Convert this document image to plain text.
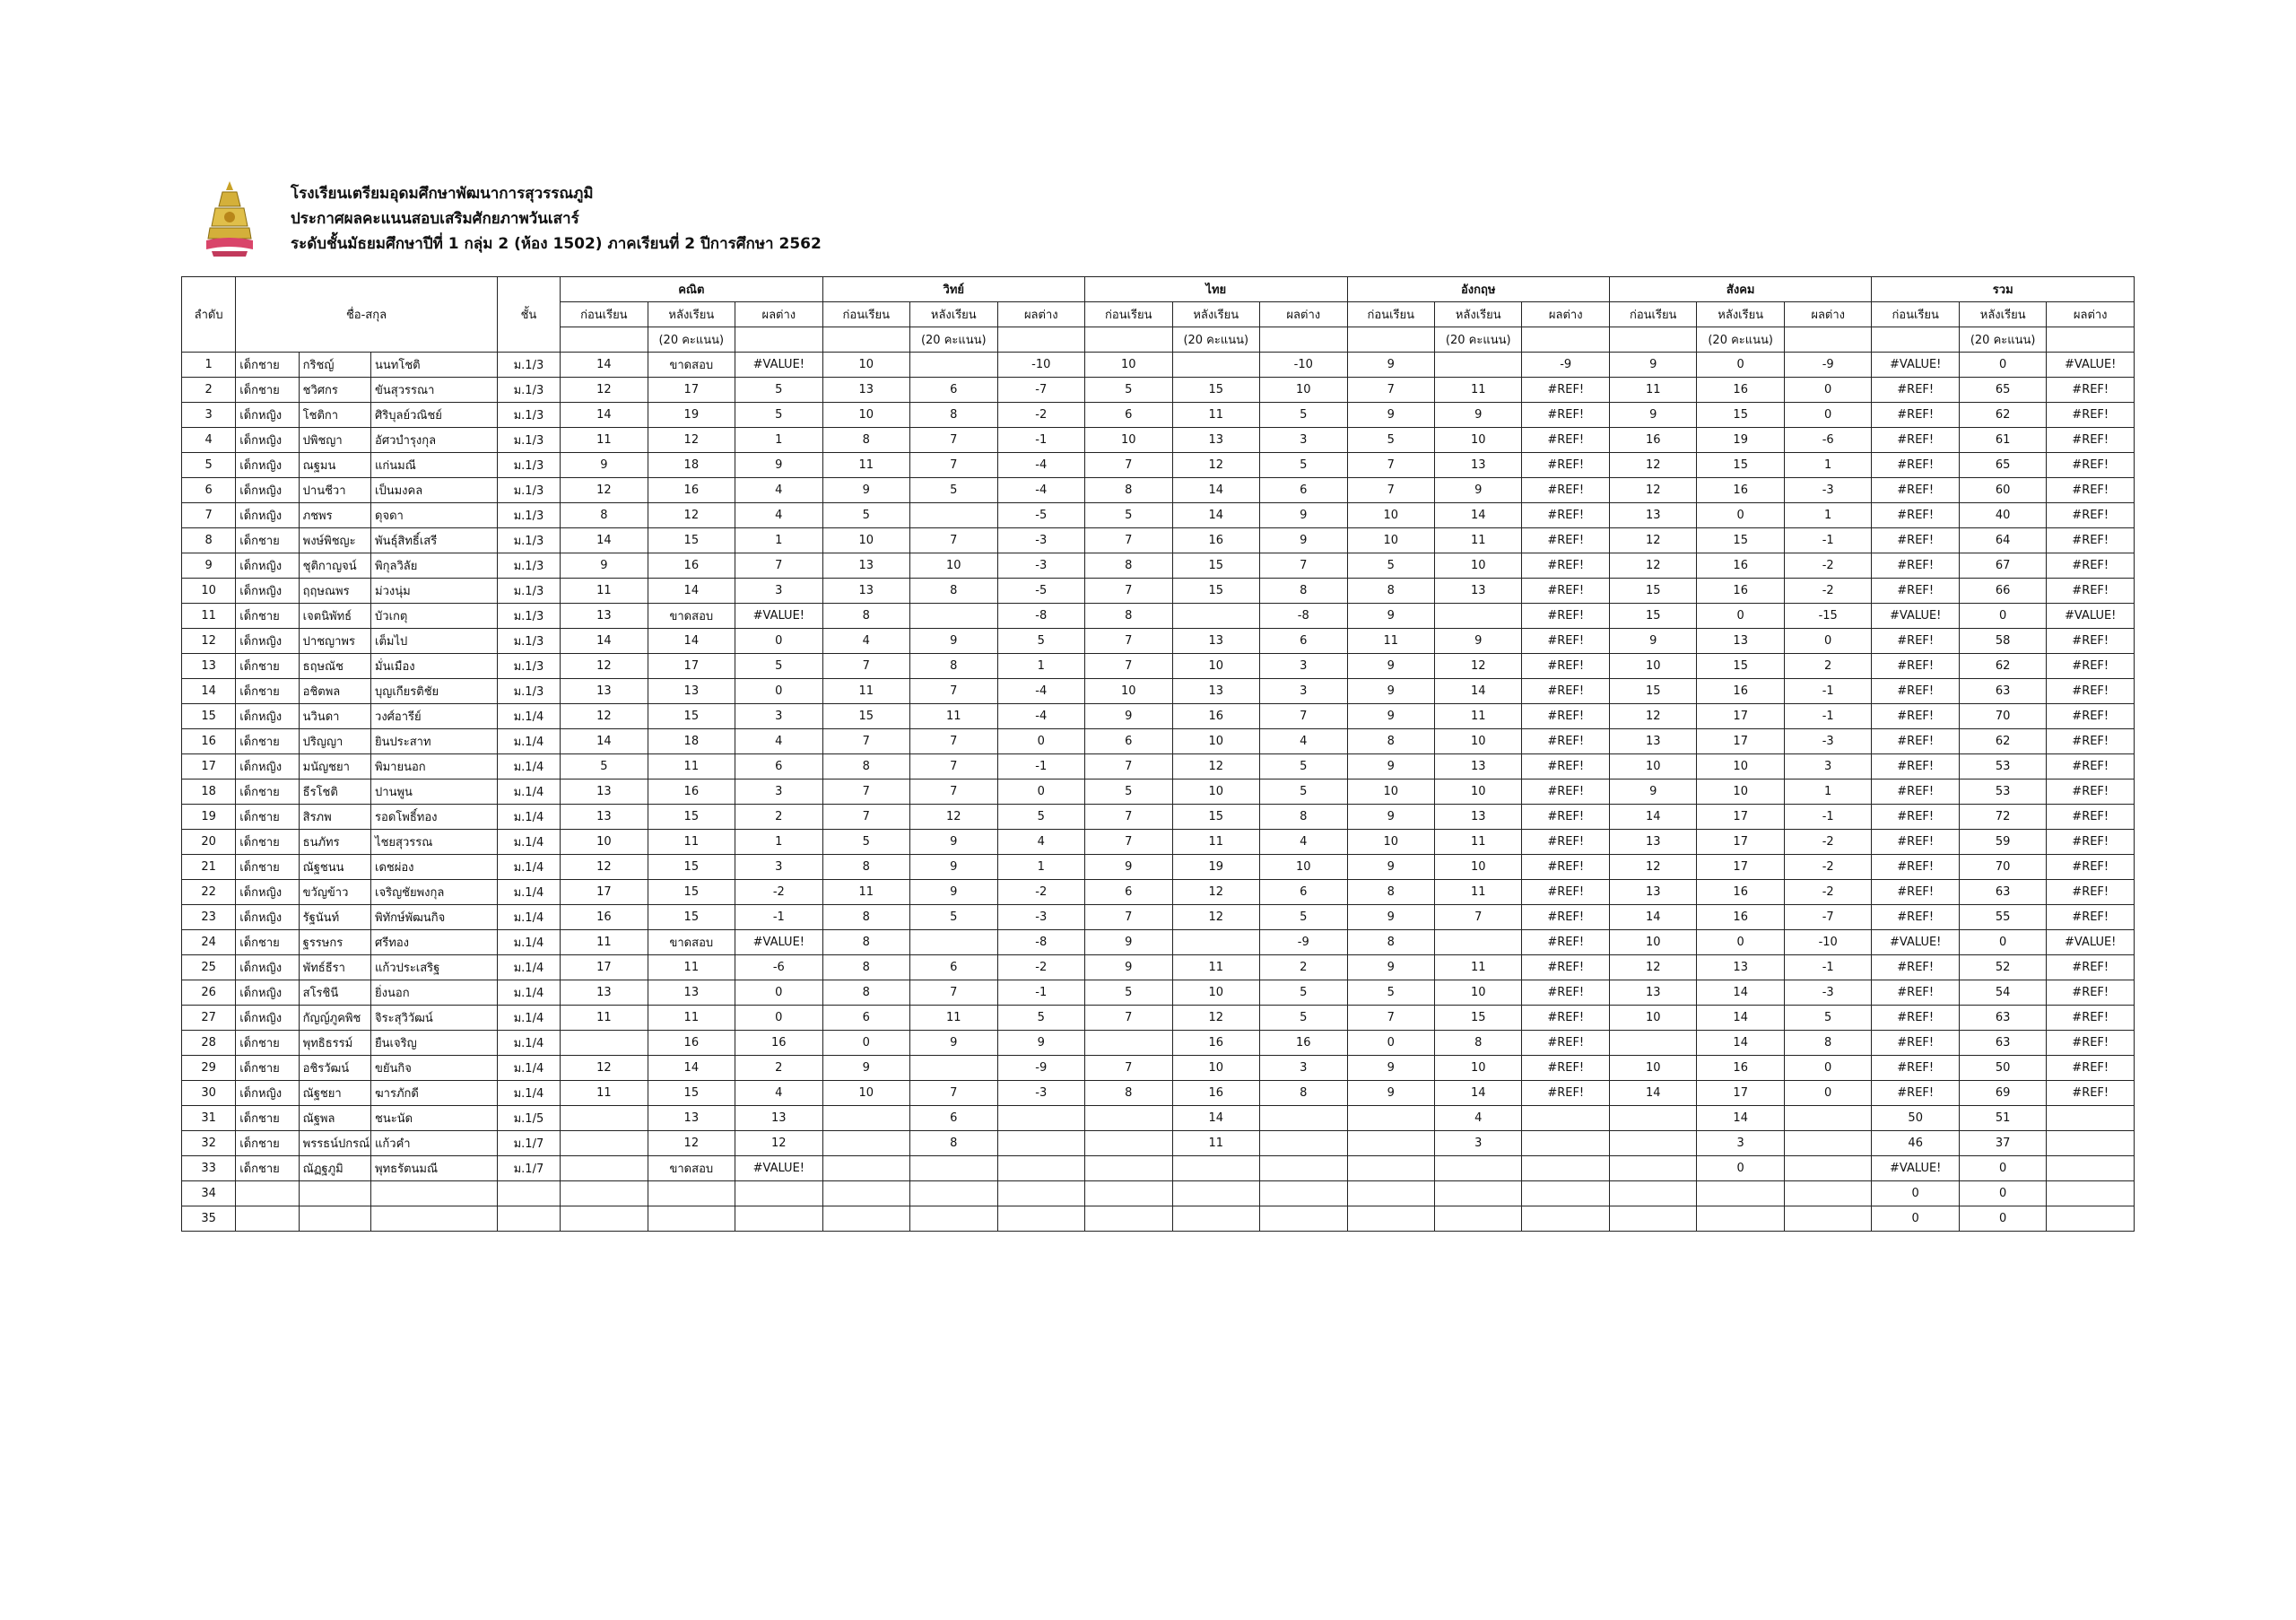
โรงเรียนเตรียมอุดมศึกษาพัฒนาการสุวรรณภูมิ
ประกาศผลคะแนนสอบเสริมศักยภาพวันเสาร์
ระดับชั้นมัธยมศึกษาปีที่ 1 กลุ่ม 2 (ห้อง 1502) ภาคเรียนที่ 2 ปีการศึกษา 2562
ลำดับ	ชื่อ-สกุล			ชั้น	คณิต			วิทย์			ไทย			อังกฤษ			สังคม			รวม		
					ก่อนเรียน	หลังเรียน	ผลต่าง	ก่อนเรียน	หลังเรียน	ผลต่าง	ก่อนเรียน	หลังเรียน	ผลต่าง	ก่อนเรียน	หลังเรียน	ผลต่าง	ก่อนเรียน	หลังเรียน	ผลต่าง	ก่อนเรียน	หลังเรียน	ผลต่าง
						(20 คะแนน)			(20 คะแนน)			(20 คะแนน)			(20 คะแนน)			(20 คะแนน)			(20 คะแนน)	
1	เด็กชาย	กริชญ์	นนทโชติ	ม.1/3	14	ขาดสอบ	#VALUE!	10		-10	10		-10	9		-9	9	0	-9	#VALUE!	0	#VALUE!
2	เด็กชาย	ชวิศกร	ขันสุวรรณา	ม.1/3	12	17	5	13	6	-7	5	15	10	7	11	#REF!	11	16	0	#REF!	65	#REF!
3	เด็กหญิง	โชติกา	ศิริบุลย์วณิชย์	ม.1/3	14	19	5	10	8	-2	6	11	5	9	9	#REF!	9	15	0	#REF!	62	#REF!
4	เด็กหญิง	ปพิชญา	อัศวบำรุงกุล	ม.1/3	11	12	1	8	7	-1	10	13	3	5	10	#REF!	16	19	-6	#REF!	61	#REF!
5	เด็กหญิง	ณฐมน	แก่นมณี	ม.1/3	9	18	9	11	7	-4	7	12	5	7	13	#REF!	12	15	1	#REF!	65	#REF!
6	เด็กหญิง	ปานชีวา	เป็นมงคล	ม.1/3	12	16	4	9	5	-4	8	14	6	7	9	#REF!	12	16	-3	#REF!	60	#REF!
7	เด็กหญิง	ภชพร	ดุจดา	ม.1/3	8	12	4	5		-5	5	14	9	10	14	#REF!	13	0	1	#REF!	40	#REF!
8	เด็กชาย	พงษ์พิชญะ	พันธุ์สิทธิ์เสรี	ม.1/3	14	15	1	10	7	-3	7	16	9	10	11	#REF!	12	15	-1	#REF!	64	#REF!
9	เด็กหญิง	ชุติกาญจน์	พิกุลวิลัย	ม.1/3	9	16	7	13	10	-3	8	15	7	5	10	#REF!	12	16	-2	#REF!	67	#REF!
10	เด็กหญิง	ฤฤษณพร	ม่วงนุ่ม	ม.1/3	11	14	3	13	8	-5	7	15	8	8	13	#REF!	15	16	-2	#REF!	66	#REF!
11	เด็กชาย	เจตนิพัทธ์	บัวเกตุ	ม.1/3	13	ขาดสอบ	#VALUE!	8		-8	8		-8	9		#REF!	15	0	-15	#VALUE!	0	#VALUE!
12	เด็กหญิง	ปาชญาพร	เต็มไป	ม.1/3	14	14	0	4	9	5	7	13	6	11	9	#REF!	9	13	0	#REF!	58	#REF!
13	เด็กชาย	ธฤษณัช	มั่นเมือง	ม.1/3	12	17	5	7	8	1	7	10	3	9	12	#REF!	10	15	2	#REF!	62	#REF!
14	เด็กชาย	อชิตพล	บุญเกียรติชัย	ม.1/3	13	13	0	11	7	-4	10	13	3	9	14	#REF!	15	16	-1	#REF!	63	#REF!
15	เด็กหญิง	นวินดา	วงศ์อารีย์	ม.1/4	12	15	3	15	11	-4	9	16	7	9	11	#REF!	12	17	-1	#REF!	70	#REF!
16	เด็กชาย	ปริญญา	ยินประสาท	ม.1/4	14	18	4	7	7	0	6	10	4	8	10	#REF!	13	17	-3	#REF!	62	#REF!
17	เด็กหญิง	มนัญชยา	พิมายนอก	ม.1/4	5	11	6	8	7	-1	7	12	5	9	13	#REF!	10	10	3	#REF!	53	#REF!
18	เด็กชาย	ธีรโชติ	ปานพูน	ม.1/4	13	16	3	7	7	0	5	10	5	10	10	#REF!	9	10	1	#REF!	53	#REF!
19	เด็กชาย	สิรภพ	รอดโพธิ์ทอง	ม.1/4	13	15	2	7	12	5	7	15	8	9	13	#REF!	14	17	-1	#REF!	72	#REF!
20	เด็กชาย	ธนภัทร	ไชยสุวรรณ	ม.1/4	10	11	1	5	9	4	7	11	4	10	11	#REF!	13	17	-2	#REF!	59	#REF!
21	เด็กชาย	ณัฐชนน	เดชผ่อง	ม.1/4	12	15	3	8	9	1	9	19	10	9	10	#REF!	12	17	-2	#REF!	70	#REF!
22	เด็กหญิง	ขวัญข้าว	เจริญชัยพงกุล	ม.1/4	17	15	-2	11	9	-2	6	12	6	8	11	#REF!	13	16	-2	#REF!	63	#REF!
23	เด็กหญิง	รัฐนันท์	พิทักษ์พัฒนกิจ	ม.1/4	16	15	-1	8	5	-3	7	12	5	9	7	#REF!	14	16	-7	#REF!	55	#REF!
24	เด็กชาย	ฐรรษกร	ศรีทอง	ม.1/4	11	ขาดสอบ	#VALUE!	8		-8	9		-9	8		#REF!	10	0	-10	#VALUE!	0	#VALUE!
25	เด็กหญิง	พัทธ์ธีรา	แก้วประเสริฐ	ม.1/4	17	11	-6	8	6	-2	9	11	2	9	11	#REF!	12	13	-1	#REF!	52	#REF!
26	เด็กหญิง	สโรชินี	ยิ่งนอก	ม.1/4	13	13	0	8	7	-1	5	10	5	5	10	#REF!	13	14	-3	#REF!	54	#REF!
27	เด็กหญิง	กัญญ์ภูคพิช	จิระสุวิวัฒน์	ม.1/4	11	11	0	6	11	5	7	12	5	7	15	#REF!	10	14	5	#REF!	63	#REF!
28	เด็กชาย	พุทธิธรรม์	ยืนเจริญ	ม.1/4		16	16	0	9	9		16	16	0	8	#REF!		14	8	#REF!	63	#REF!
29	เด็กชาย	อชิรวัฒน์	ขยันกิจ	ม.1/4	12	14	2	9		-9	7	10	3	9	10	#REF!	10	16	0	#REF!	50	#REF!
30	เด็กหญิง	ณัฐชยา	ฆารภักดี	ม.1/4	11	15	4	10	7	-3	8	16	8	9	14	#REF!	14	17	0	#REF!	69	#REF!
31	เด็กชาย	ณัฐพล	ชนะนัด	ม.1/5		13	13		6			14			4			14		50	51	
32	เด็กชาย	พรรธน์ปกรณ์	แก้วคำ	ม.1/7		12	12		8			11			3			3		46	37	
33	เด็กชาย	ณัฏฐภูมิ	พุทธรัตนมณี	ม.1/7		ขาดสอบ	#VALUE!											0		#VALUE!	0	
34																				0	0	
35																				0	0	
